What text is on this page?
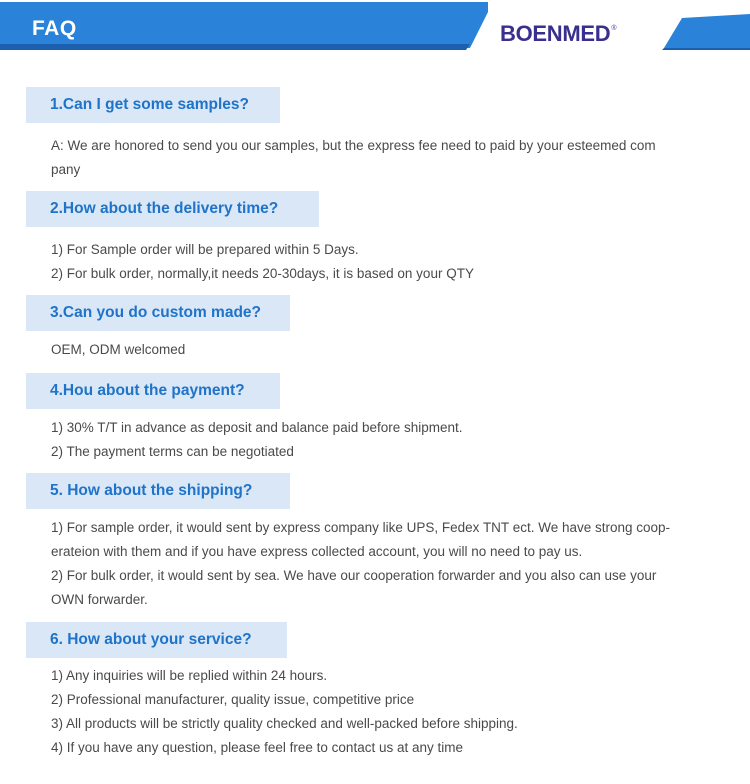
FAQ	BOENMED ®
1.Can I get some samples?
A: We are honored to send you our samples, but the express fee need to paid by your esteemed com
pany
2.How about the delivery time?
1) For Sample order will be prepared within 5 Days.
2) For bulk order, normally,it needs 20-30days, it is based on your QTY
3.Can you do custom made?
OEM, ODM welcomed
4.Hou about the payment?
1) 30% T/T in advance as deposit and balance paid before shipment.
2) The payment terms can be negotiated
5. How about the shipping?
1) For sample order, it would sent by express company like UPS, Fedex TNT ect. We have strong coop-
erateion with them and if you have express collected account, you will no need to pay us.
2) For bulk order, it would sent by sea. We have our cooperation forwarder and you also can use your
OWN forwarder.
6. How about your service?
1) Any inquiries will be replied within 24 hours.
2) Professional manufacturer, quality issue, competitive price
3) All products will be strictly quality checked and well-packed before shipping.
4) If you have any question, please feel free to contact us at any time
